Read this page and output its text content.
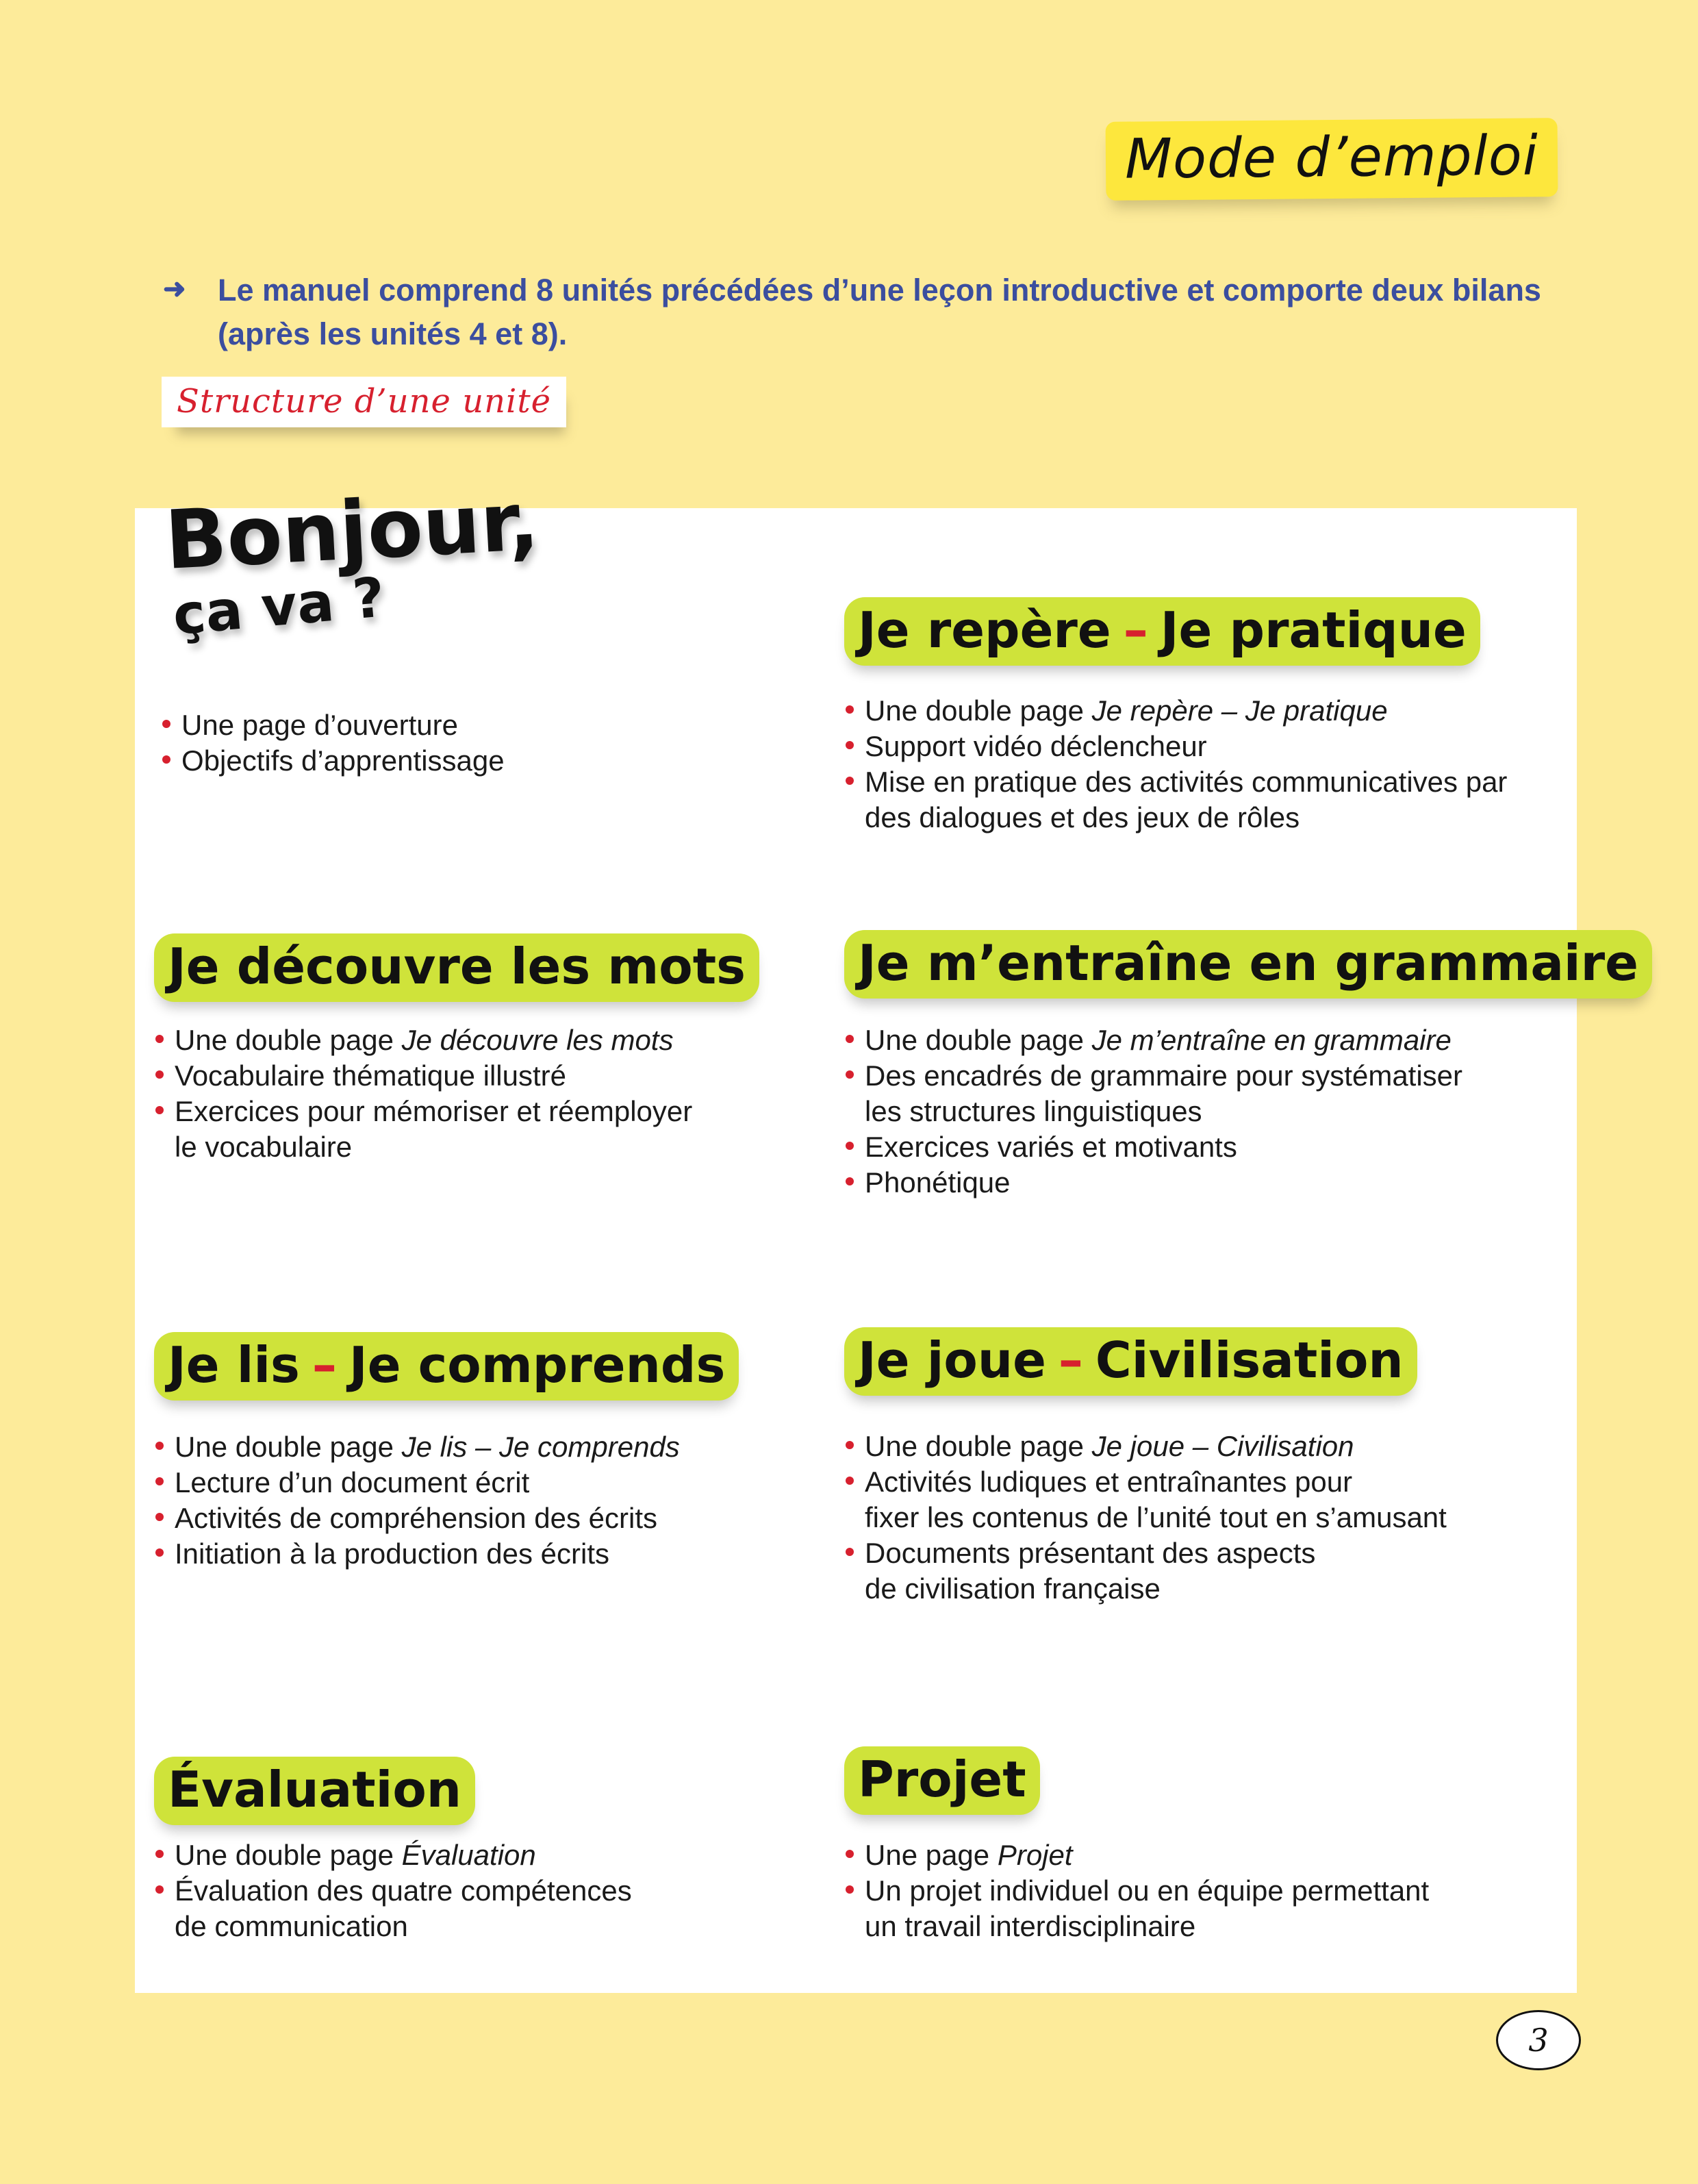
Mode d’emploi
➜	Le manuel comprend 8 unités précédées d’une leçon introductive et comporte deux bilans
(après les unités 4 et 8).
Structure d’une unité
Bonjour,
ça va ?
Une page d’ouverture
Objectifs d’apprentissage
Je repère – Je pratique
Une double page Je repère – Je pratique
Support vidéo déclencheur
Mise en pratique des activités communicatives par
des dialogues et des jeux de rôles
Je découvre les mots
Une double page Je découvre les mots
Vocabulaire thématique illustré
Exercices pour mémoriser et réemployer
le vocabulaire
Je m’entraîne en grammaire
Une double page Je m’entraîne en grammaire
Des encadrés de grammaire pour systématiser
les structures linguistiques
Exercices variés et motivants
Phonétique
Je lis – Je comprends
Une double page Je lis – Je comprends
Lecture d’un document écrit
Activités de compréhension des écrits
Initiation à la production des écrits
Je joue – Civilisation
Une double page Je joue – Civilisation
Activités ludiques et entraînantes pour
fixer les contenus de l’unité tout en s’amusant
Documents présentant des aspects
de civilisation française
Évaluation
Une double page Évaluation
Évaluation des quatre compétences
de communication
Projet
Une page Projet
Un projet individuel ou en équipe permettant
un travail interdisciplinaire
3
